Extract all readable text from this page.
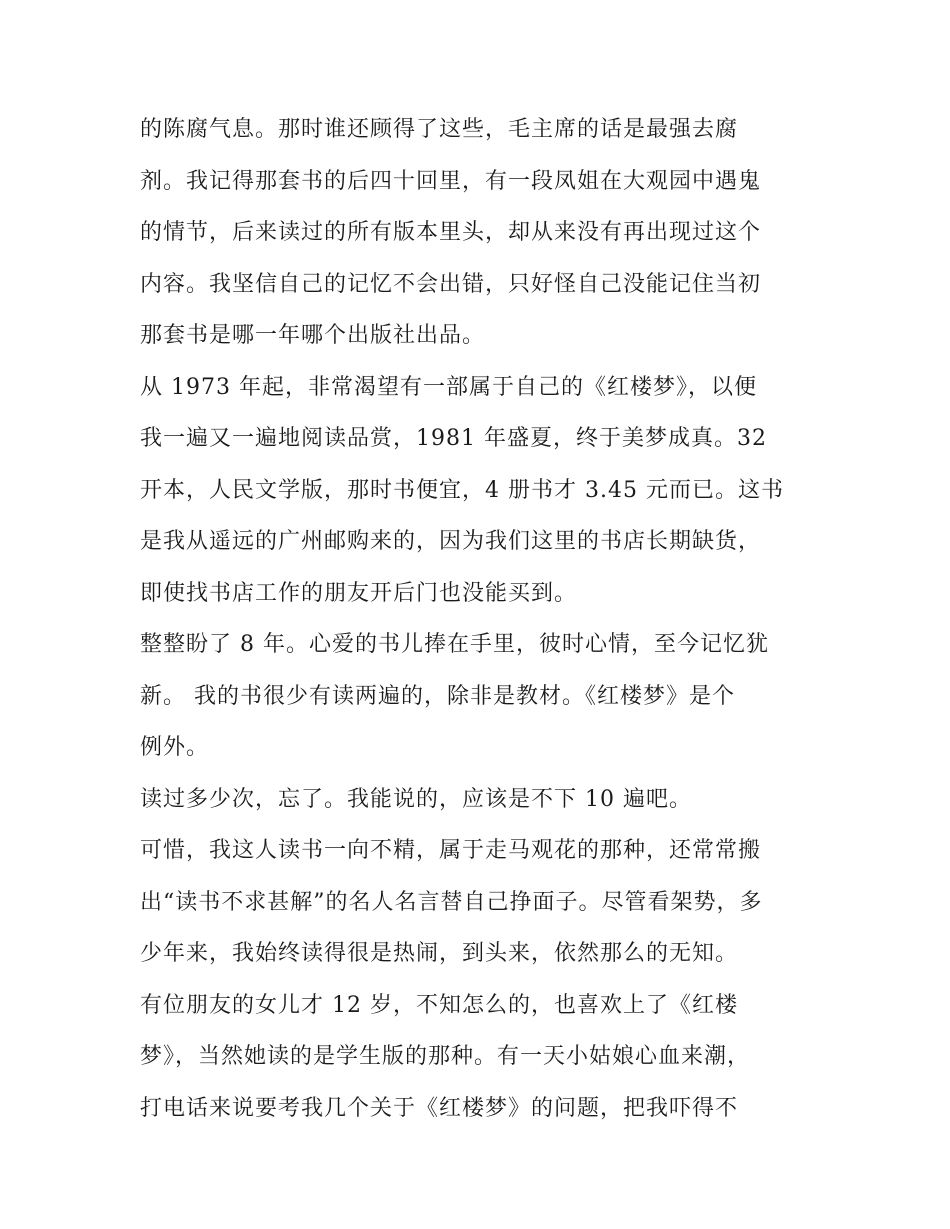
的陈腐气息。那时谁还顾得了这些，毛主席的话是最强去腐
剂。我记得那套书的后四十回里，有一段凤姐在大观园中遇鬼
的情节，后来读过的所有版本里头，却从来没有再出现过这个
内容。我坚信自己的记忆不会出错，只好怪自己没能记住当初
那套书是哪一年哪个出版社出品。
从 1973 年起，非常渴望有一部属于自己的《红楼梦》，以便
我一遍又一遍地阅读品赏，1981 年盛夏，终于美梦成真。32
开本，人民文学版，那时书便宜，4 册书才 3.45 元而已。这书
是我从遥远的广州邮购来的，因为我们这里的书店长期缺货，
即使找书店工作的朋友开后门也没能买到。
整整盼了 8 年。心爱的书儿捧在手里，彼时心情，至今记忆犹
新。 我的书很少有读两遍的，除非是教材。《红楼梦》是个
例外。
读过多少次，忘了。我能说的，应该是不下 10 遍吧。
可惜，我这人读书一向不精，属于走马观花的那种，还常常搬
出“读书不求甚解”的名人名言替自己挣面子。尽管看架势，多
少年来，我始终读得很是热闹，到头来，依然那么的无知。
有位朋友的女儿才 12 岁，不知怎么的，也喜欢上了《红楼
梦》，当然她读的是学生版的那种。有一天小姑娘心血来潮，
打电话来说要考我几个关于《红楼梦》的问题，把我吓得不
